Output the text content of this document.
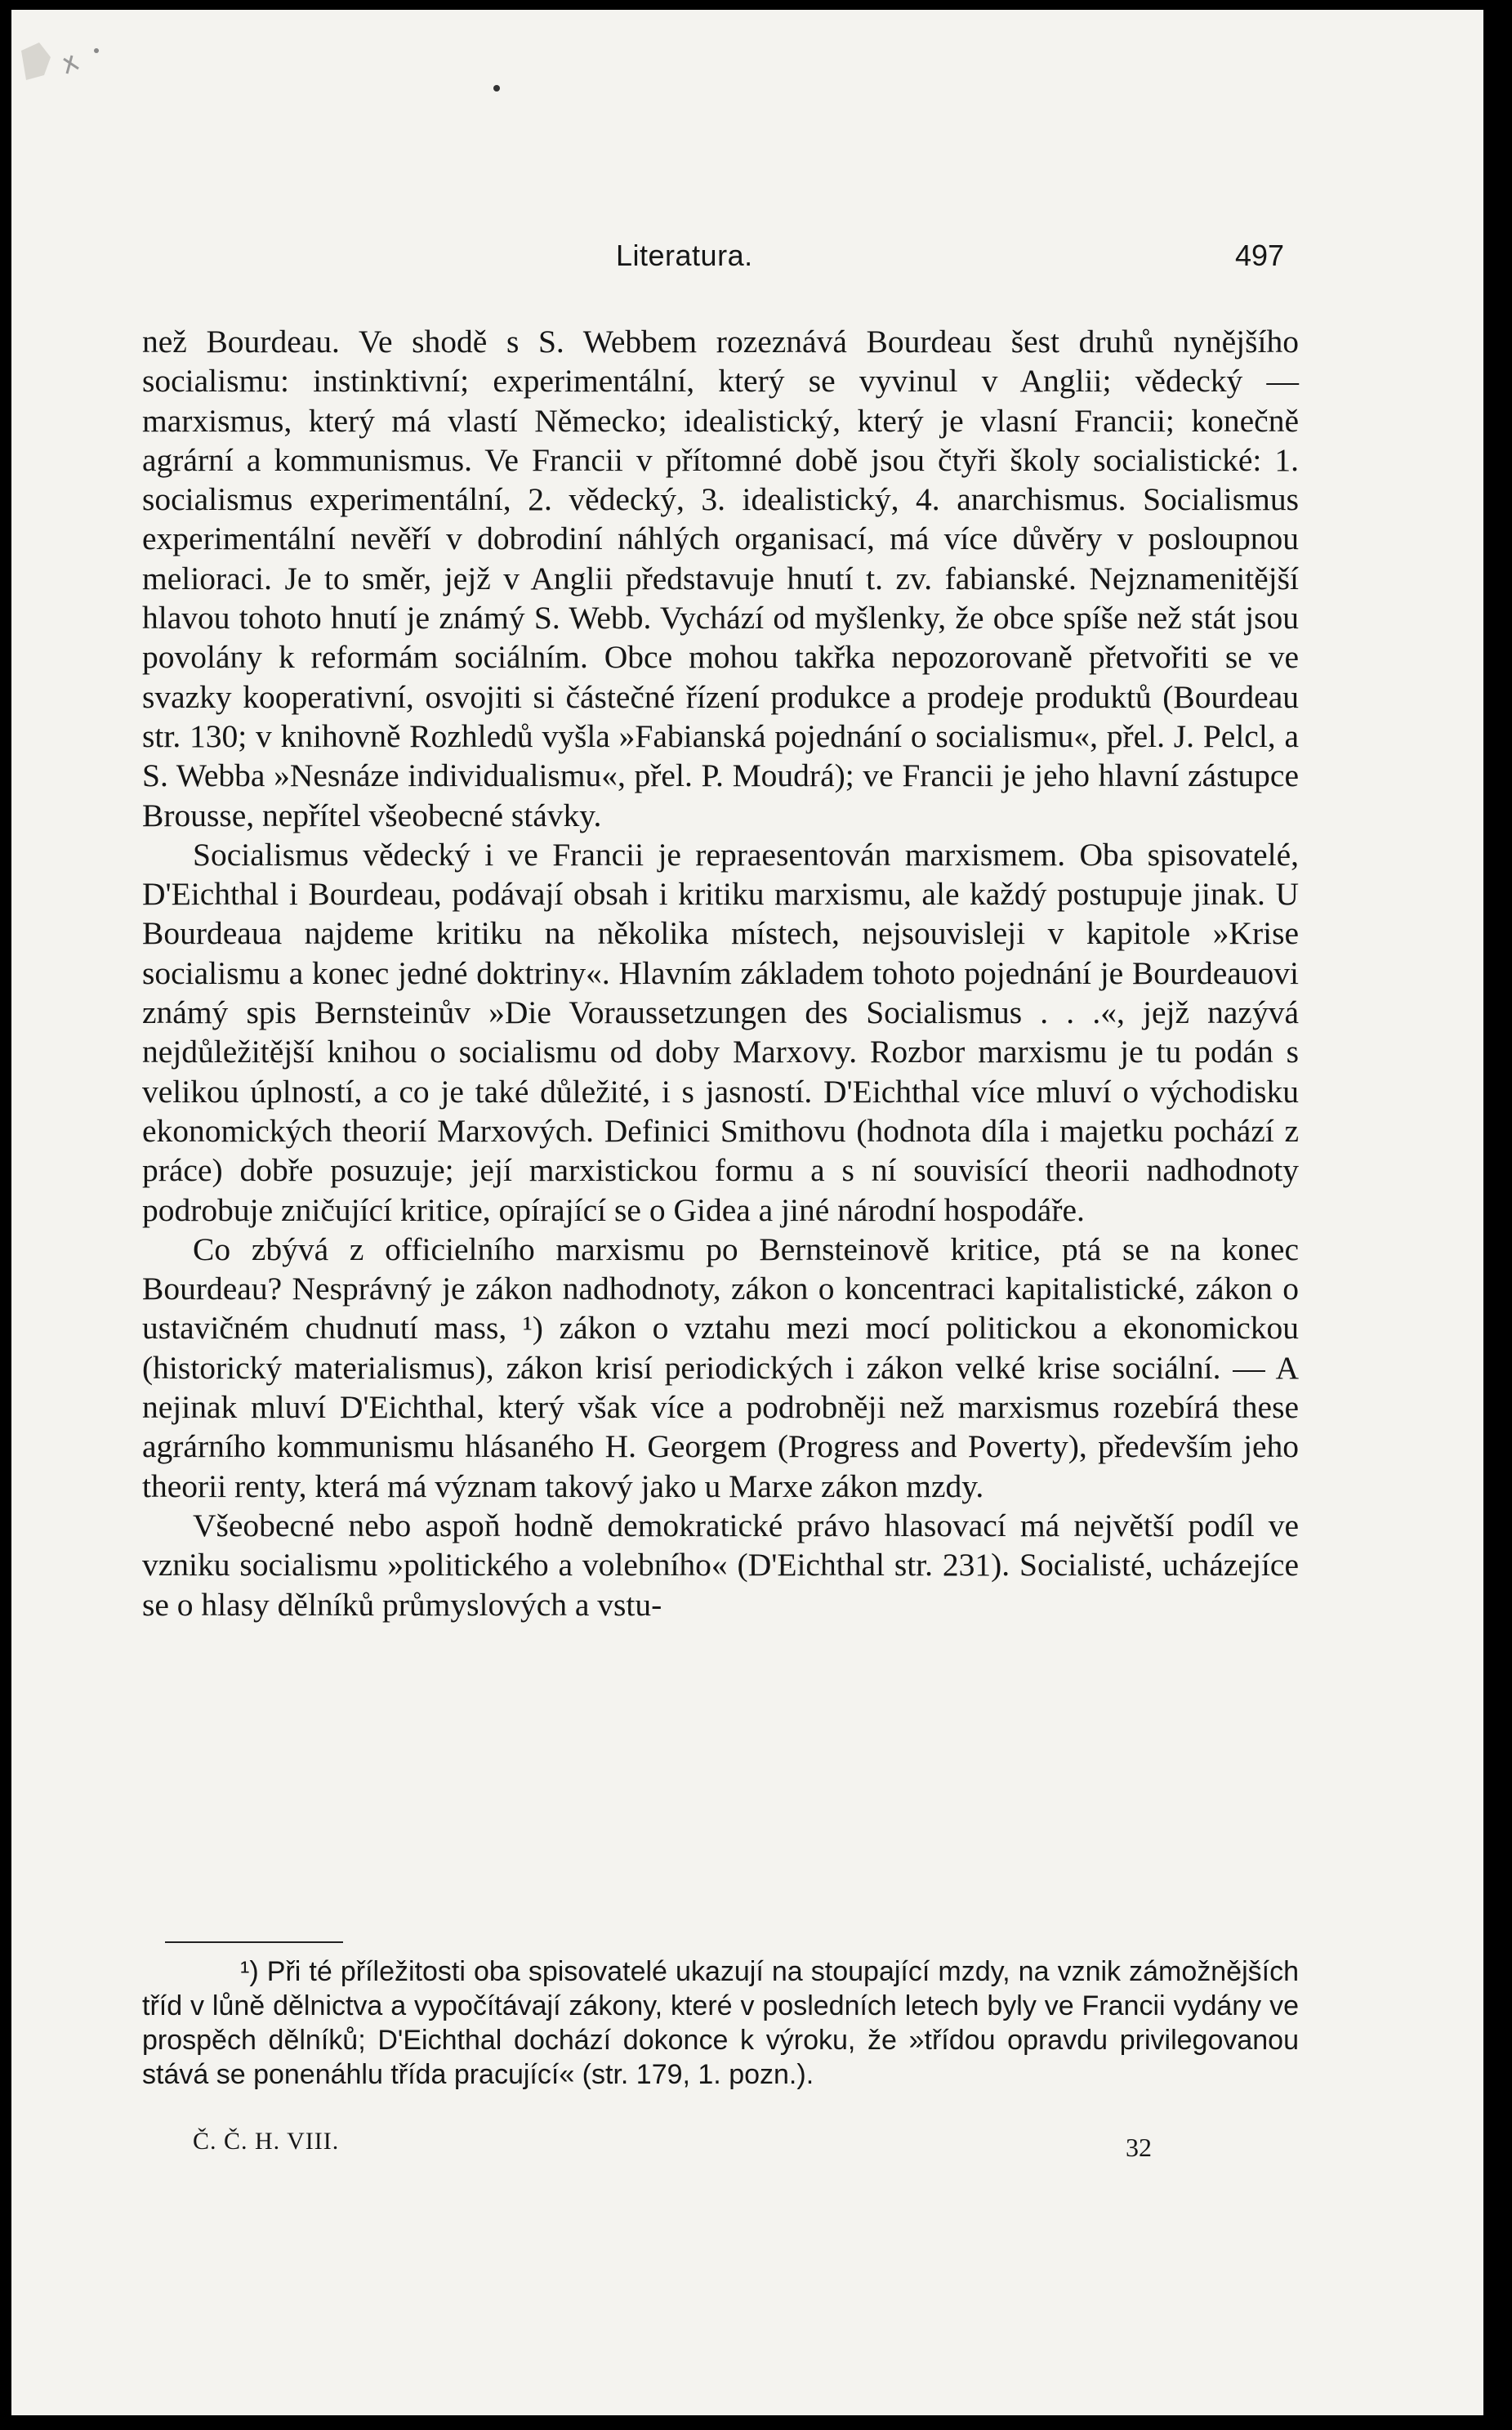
Literatura.	497

než Bourdeau. Ve shodě s S. Webbem rozeznává Bourdeau šest druhů nynějšího socialismu: instinktivní; experimentální, který se vyvinul v Anglii; vědecký — marxismus, který má vlastí Německo; idealistický, který je vlasní Francii; konečně agrární a kommunismus. Ve Francii v přítomné době jsou čtyři školy socialistické: 1. socialismus experimentální, 2. vědecký, 3. idealistický, 4. anarchismus. Socialismus experimentální nevěří v dobrodiní náhlých organisací, má více důvěry v posloupnou melioraci. Je to směr, jejž v Anglii představuje hnutí t. zv. fabianské. Nejznamenitější hlavou tohoto hnutí je známý S. Webb. Vychází od myšlenky, že obce spíše než stát jsou povolány k reformám sociálním. Obce mohou takřka nepozorovaně přetvořiti se ve svazky kooperativní, osvojiti si částečné řízení produkce a prodeje produktů (Bourdeau str. 130; v knihovně Rozhledů vyšla »Fabianská pojednání o socialismu«, přel. J. Pelcl, a S. Webba »Nesnáze individualismu«, přel. P. Moudrá); ve Francii je jeho hlavní zástupce Brousse, nepřítel všeobecné stávky.

Socialismus vědecký i ve Francii je repraesentován marxismem. Oba spisovatelé, D'Eichthal i Bourdeau, podávají obsah i kritiku marxismu, ale každý postupuje jinak. U Bourdeaua najdeme kritiku na několika místech, nejsouvisleji v kapitole »Krise socialismu a konec jedné doktriny«. Hlavním základem tohoto pojednání je Bourdeauovi známý spis Bernsteinův »Die Voraussetzungen des Socialismus . . .«, jejž nazývá nejdůležitější knihou o socialismu od doby Marxovy. Rozbor marxismu je tu podán s velikou úplností, a co je také důležité, i s jasností. D'Eichthal více mluví o východisku ekonomických theorií Marxových. Definici Smithovu (hodnota díla i majetku pochází z práce) dobře posuzuje; její marxistickou formu a s ní souvisící theorii nadhodnoty podrobuje zničující kritice, opírající se o Gidea a jiné národní hospodáře.

Co zbývá z officielního marxismu po Bernsteinově kritice, ptá se na konec Bourdeau? Nesprávný je zákon nadhodnoty, zákon o koncentraci kapitalistické, zákon o ustavičném chudnutí mass, ¹) zákon o vztahu mezi mocí politickou a ekonomickou (historický materialismus), zákon krisí periodických i zákon velké krise sociální. — A nejinak mluví D'Eichthal, který však více a podrobněji než marxismus rozebírá these agrárního kommunismu hlásaného H. Georgem (Progress and Poverty), především jeho theorii renty, která má význam takový jako u Marxe zákon mzdy.

Všeobecné nebo aspoň hodně demokratické právo hlasovací má největší podíl ve vzniku socialismu »politického a volebního« (D'Eichthal str. 231). Socialisté, ucházejíce se o hlasy dělníků průmyslových a vstu-

¹) Při té příležitosti oba spisovatelé ukazují na stoupající mzdy, na vznik zámožnějších tříd v lůně dělnictva a vypočítávají zákony, které v posledních letech byly ve Francii vydány ve prospěch dělníků; D'Eichthal dochází dokonce k výroku, že »třídou opravdu privilegovanou stává se ponenáhlu třída pracující« (str. 179, 1. pozn.).
Č. Č. H. VIII.	32
